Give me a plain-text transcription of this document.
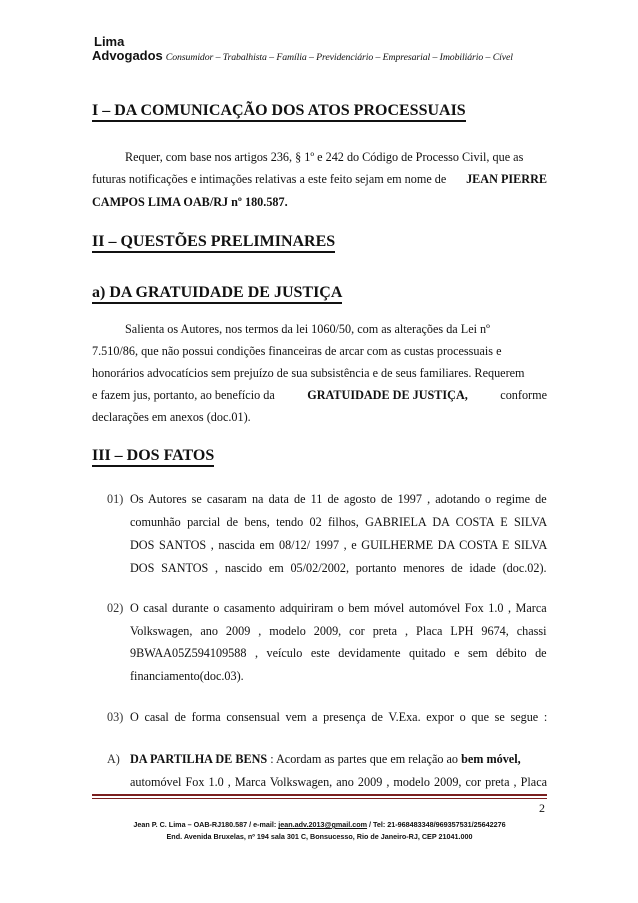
Lima
Advogados Consumidor – Trabalhista – Família – Previdenciário – Empresarial – Imobiliário – Cível
I – DA COMUNICAÇÃO DOS ATOS PROCESSUAIS
Requer, com base nos artigos 236, § 1º e 242 do Código de Processo Civil, que as
futuras notificações e intimações relativas a este feito sejam em nome de JEAN PIERRE
CAMPOS LIMA OAB/RJ nº 180.587.
II – QUESTÕES PRELIMINARES
a) DA GRATUIDADE DE JUSTIÇA
Salienta os Autores, nos termos da lei 1060/50, com as alterações da Lei nº
7.510/86, que não possui condições financeiras de arcar com as custas processuais e
honorários advocatícios sem prejuízo de sua subsistência e de seus familiares. Requerem
e fazem jus, portanto, ao benefício da	GRATUIDADE DE JUSTIÇA,	conforme
declarações em anexos (doc.01).
III – DOS FATOS
01) Os Autores se casaram na data de 11 de agosto de 1997 , adotando o regime de
comunhão parcial de bens, tendo 02 filhos, GABRIELA DA COSTA E SILVA
DOS SANTOS , nascida em 08/12/ 1997 , e GUILHERME DA COSTA E SILVA
DOS SANTOS , nascido em 05/02/2002, portanto menores de idade (doc.02).
02) O casal durante o casamento adquiriram o bem móvel automóvel Fox 1.0 , Marca
Volkswagen, ano 2009 , modelo 2009, cor preta , Placa LPH 9674, chassi
9BWAA05Z594109588 , veículo este devidamente quitado e sem débito de
financiamento(doc.03).
03) O casal de forma consensual vem a presença de V.Exa. expor o que se segue :
A) DA PARTILHA DE BENS : Acordam as partes que em relação ao bem móvel,
automóvel Fox 1.0 , Marca Volkswagen, ano 2009 , modelo 2009, cor preta , Placa
2
Jean P. C. Lima – OAB-RJ180.587 / e-mail: jean.adv.2013@gmail.com / Tel: 21-968483348/969357531/25642276
End. Avenida Bruxelas, nº 194 sala 301 C, Bonsucesso, Rio de Janeiro-RJ, CEP 21041.000
